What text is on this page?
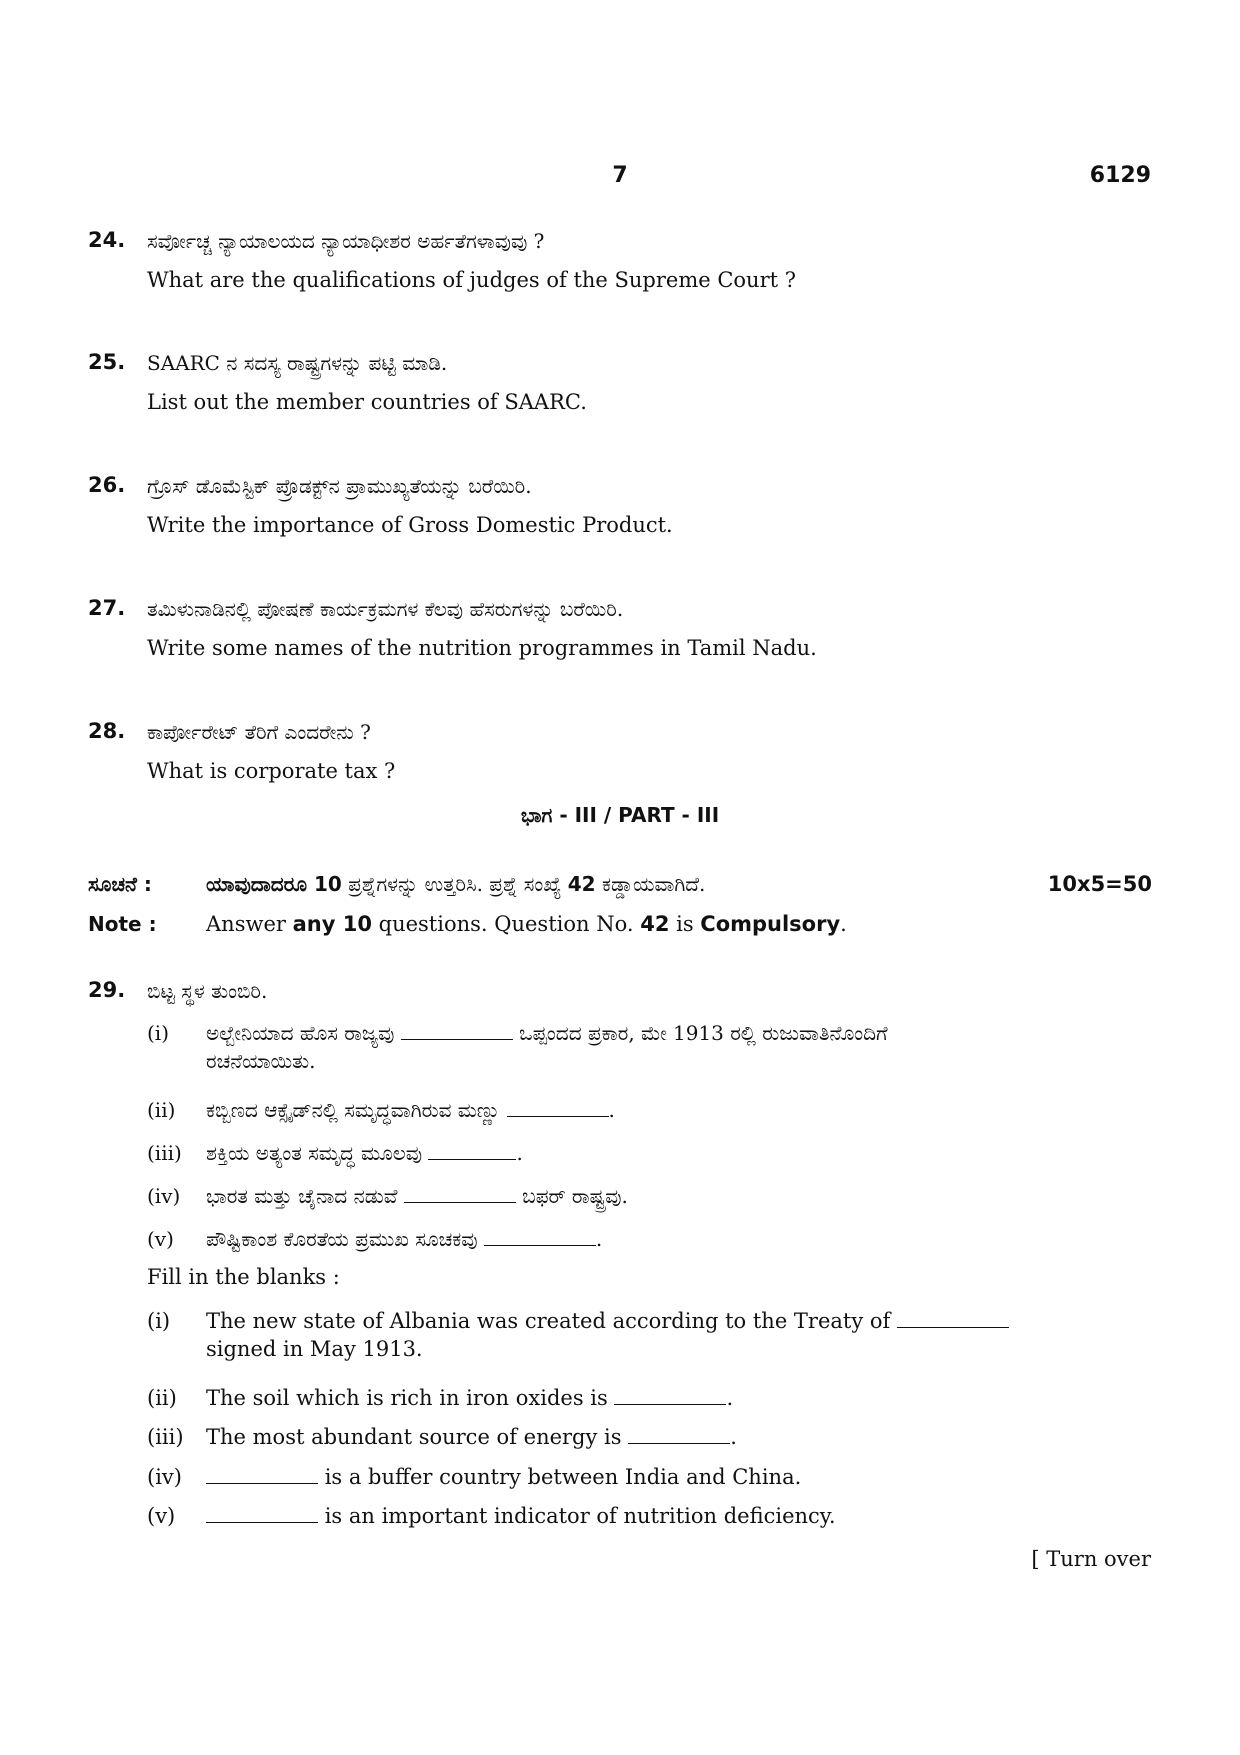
7	6129
24.	ಸರ್ವೋಚ್ಚ ನ್ಯಾಯಾಲಯದ ನ್ಯಾಯಾಧೀಶರ ಅರ್ಹತೆಗಳಾವುವು ?
What are the qualifications of judges of the Supreme Court ?
25.	SAARC ನ ಸದಸ್ಯ ರಾಷ್ಟ್ರಗಳನ್ನು ಪಟ್ಟಿ ಮಾಡಿ.
List out the member countries of SAARC.
26.	ಗ್ರೊಸ್ ಡೊಮೆಸ್ಟಿಕ್ ಪ್ರೊಡಕ್ಟ್‌ನ ಪ್ರಾಮುಖ್ಯತೆಯನ್ನು ಬರೆಯಿರಿ.
Write the importance of Gross Domestic Product.
27.	ತಮಿಳುನಾಡಿನಲ್ಲಿ ಪೋಷಣೆ ಕಾರ್ಯಕ್ರಮಗಳ ಕೆಲವು ಹೆಸರುಗಳನ್ನು ಬರೆಯಿರಿ.
Write some names of the nutrition programmes in Tamil Nadu.
28.	ಕಾರ್ಪೋರೇಟ್ ತೆರಿಗೆ ಎಂದರೇನು ?
What is corporate tax ?
ಭಾಗ - III / PART - III
ಸೂಚನೆ :	ಯಾವುದಾದರೂ 10 ಪ್ರಶ್ನೆಗಳನ್ನು ಉತ್ತರಿಸಿ. ಪ್ರಶ್ನೆ ಸಂಖ್ಯೆ 42 ಕಡ್ಡಾಯವಾಗಿದೆ.	10x5=50
Note : Answer any 10 questions. Question No. 42 is Compulsory.
29.	ಬಿಟ್ಟ ಸ್ಥಳ ತುಂಬಿರಿ.
(i)	ಅಲ್ಬೇನಿಯಾದ ಹೊಸ ರಾಜ್ಯವು	ಒಪ್ಪಂದದ ಪ್ರಕಾರ, ಮೇ 1913 ರಲ್ಲಿ ರುಜುವಾತಿನೊಂದಿಗೆ
ರಚನೆಯಾಯಿತು.
(ii)	ಕಬ್ಬಿಣದ ಆಕ್ಸೈಡ್‌ನಲ್ಲಿ ಸಮೃದ್ಧವಾಗಿರುವ ಮಣ್ಣು	.
(iii)	ಶಕ್ತಿಯ ಅತ್ಯಂತ ಸಮೃದ್ಧ ಮೂಲವು	.
(iv)	ಭಾರತ ಮತ್ತು ಚೈನಾದ ನಡುವೆ	ಬಫರ್ ರಾಷ್ಟ್ರವು.
(v)	ಪೌಷ್ಟಿಕಾಂಶ ಕೊರತೆಯ ಪ್ರಮುಖ ಸೂಚಕವು	.
Fill in the blanks :
(i)	The new state of Albania was created according to the Treaty of
signed in May 1913.
(ii)	The soil which is rich in iron oxides is	.
(iii)	The most abundant source of energy is	.
(iv)	is a buffer country between India and China.
(v)	is an important indicator of nutrition deficiency.
[ Turn over
